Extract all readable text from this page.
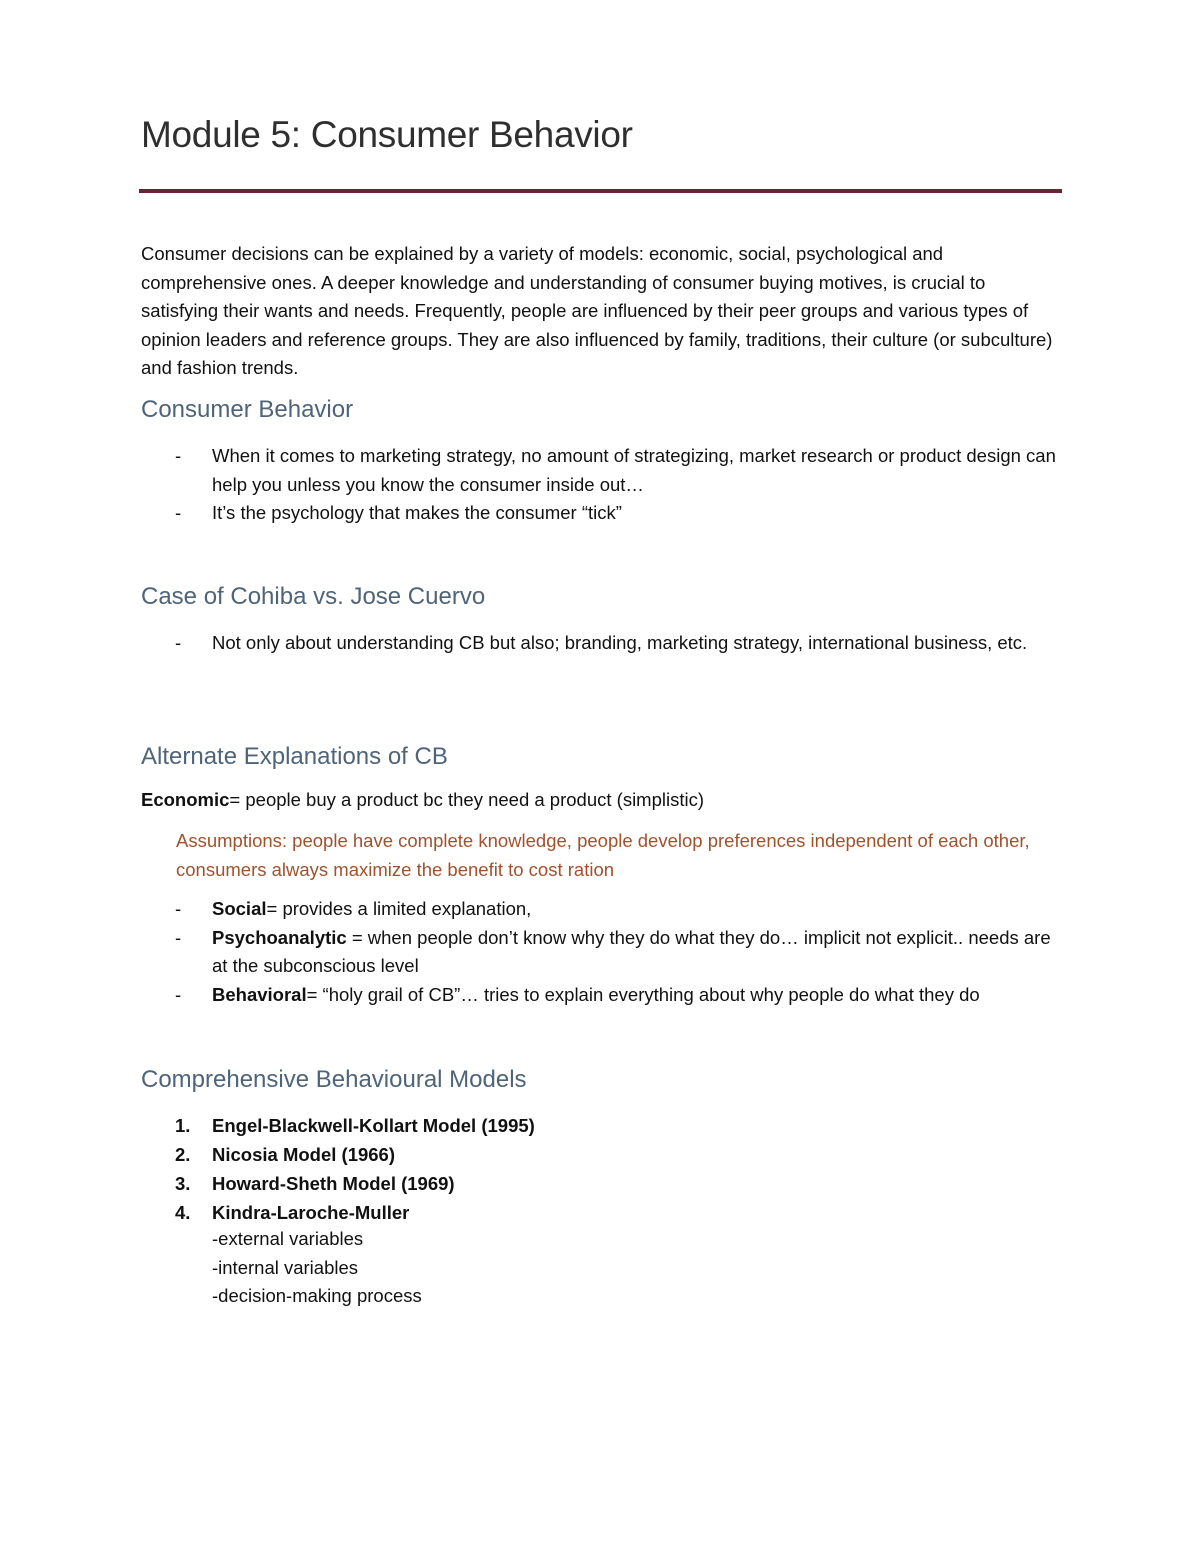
Module 5: Consumer Behavior

Consumer decisions can be explained by a variety of models: economic, social, psychological and comprehensive ones. A deeper knowledge and understanding of consumer buying motives, is crucial to satisfying their wants and needs. Frequently, people are influenced by their peer groups and various types of opinion leaders and reference groups. They are also influenced by family, traditions, their culture (or subculture) and fashion trends.

Consumer Behavior
- When it comes to marketing strategy, no amount of strategizing, market research or product design can help you unless you know the consumer inside out…
- It’s the psychology that makes the consumer “tick”
Case of Cohiba vs. Jose Cuervo
- Not only about understanding CB but also; branding, marketing strategy, international business, etc.
Alternate Explanations of CB

Economic= people buy a product bc they need a product (simplistic)

Assumptions: people have complete knowledge, people develop preferences independent of each other, consumers always maximize the benefit to cost ration

- Social= provides a limited explanation,
- Psychoanalytic = when people don’t know why they do what they do… implicit not explicit.. needs are at the subconscious level
- Behavioral= “holy grail of CB”… tries to explain everything about why people do what they do
Comprehensive Behavioural Models
1. Engel-Blackwell-Kollart Model (1995)
2. Nicosia Model (1966)
3. Howard-Sheth Model (1969)
4. Kindra-Laroche-Muller
-external variables
-internal variables
-decision-making process
